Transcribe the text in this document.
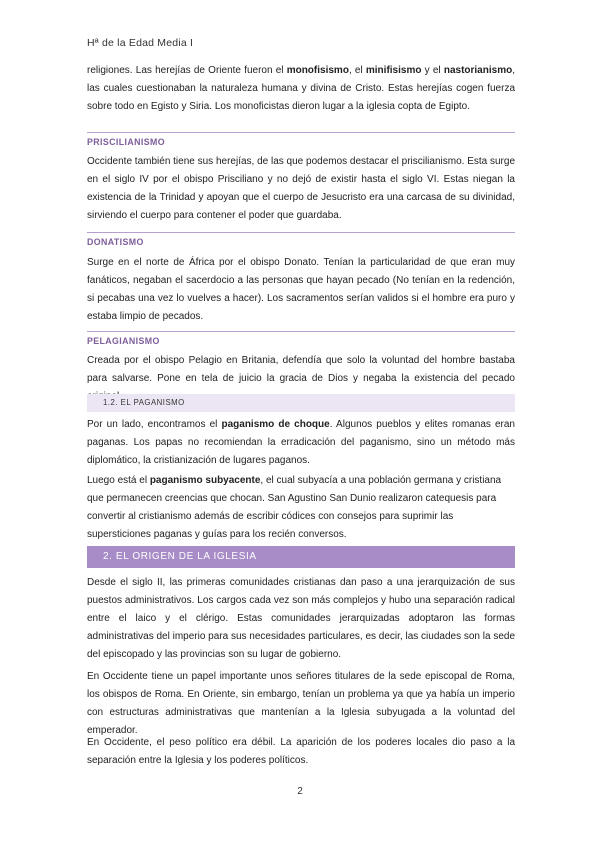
Hª de la Edad Media I

religiones. Las herejías de Oriente fueron el monofisismo, el minifisismo y el nastorianismo, las cuales cuestionaban la naturaleza humana y divina de Cristo. Estas herejías cogen fuerza sobre todo en Egisto y Siria. Los monoficistas dieron lugar a la iglesia copta de Egipto.

PRISCILIANISMO

Occidente también tiene sus herejías, de las que podemos destacar el priscilianismo. Esta surge en el siglo IV por el obispo Prisciliano y no dejó de existir hasta el siglo VI. Estas niegan la existencia de la Trinidad y apoyan que el cuerpo de Jesucristo era una carcasa de su divinidad, sirviendo el cuerpo para contener el poder que guardaba.

DONATISMO

Surge en el norte de África por el obispo Donato. Tenían la particularidad de que eran muy fanáticos, negaban el sacerdocio a las personas que hayan pecado (No tenían en la redención, si pecabas una vez lo vuelves a hacer). Los sacramentos serían validos si el hombre era puro y estaba limpio de pecados.

PELAGIANISMO

Creada por el obispo Pelagio en Britania, defendía que solo la voluntad del hombre bastaba para salvarse. Pone en tela de juicio la gracia de Dios y negaba la existencia del pecado

1.2. EL PAGANISMO

Por un lado, encontramos el paganismo de choque. Algunos pueblos y elites romanas eran paganas. Los papas no recomiendan la erradicación del paganismo, sino un método más diplomático, la cristianización de lugares paganos.

Luego está el paganismo subyacente, el cual subyacía a una población germana y cristiana que permanecen creencias que chocan. San Agustino San Dunio realizaron catequesis para convertir al cristianismo además de escribir códices con consejos para suprimir las supersticiones paganas y guías para los recién conversos.

2. EL ORIGEN DE LA IGLESIA

Desde el siglo II, las primeras comunidades cristianas dan paso a una jerarquización de sus puestos administrativos. Los cargos cada vez son más complejos y hubo una separación radical entre el laico y el clérigo. Estas comunidades jerarquizadas adoptaron las formas administrativas del imperio para sus necesidades particulares, es decir, las ciudades son la sede del episcopado y las provincias son su lugar de gobierno.

En Occidente tiene un papel importante unos señores titulares de la sede episcopal de Roma, los obispos de Roma. En Oriente, sin embargo, tenían un problema ya que ya había un imperio con estructuras administrativas que mantenían a la Iglesia subyugada a la voluntad del emperador.

En Occidente, el peso político era débil. La aparición de los poderes locales dio paso a la separación entre la Iglesia y los poderes políticos.

2
